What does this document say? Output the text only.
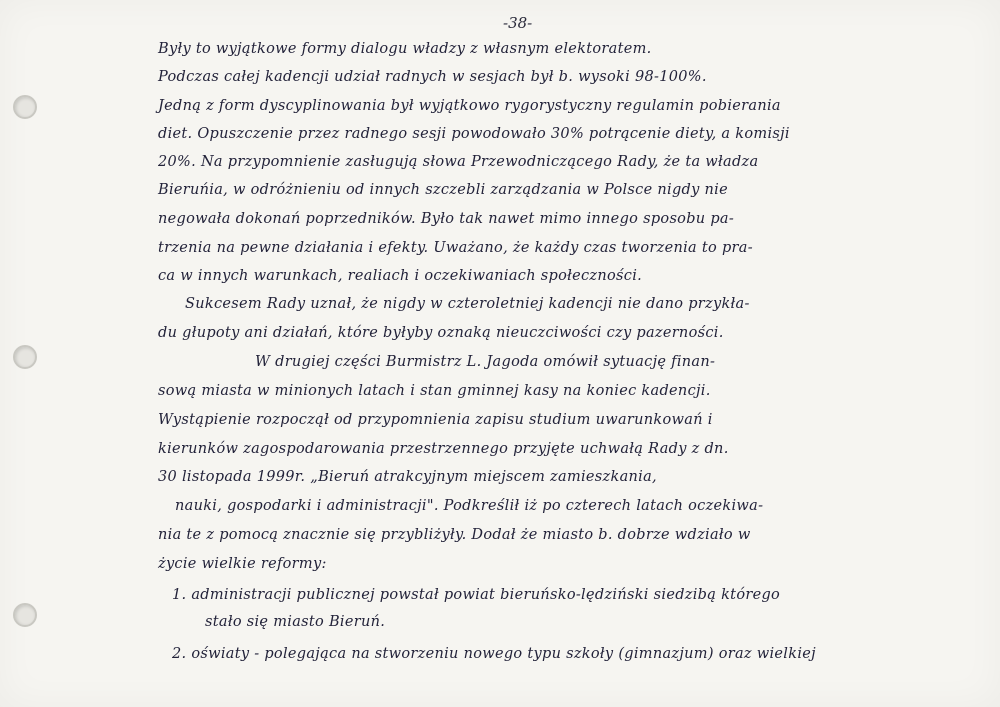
-38-
Były to wyjątkowe formy dialogu władzy z własnym elektoratem.
Podczas całej kadencji udział radnych w sesjach był b. wysoki 98-100%.
Jedną z form dyscyplinowania był wyjątkowo rygorystyczny regulamin pobierania
diet. Opuszczenie przez radnego sesji powodowało 30% potrącenie diety, a komisji
20%. Na przypomnienie zasługują słowa Przewodniczącego Rady, że ta władza
Bieruńia, w odróżnieniu od innych szczebli zarządzania w Polsce nigdy nie
negowała dokonań poprzedników. Było tak nawet mimo innego sposobu pa-
trzenia na pewne działania i efekty. Uważano, że każdy czas tworzenia to pra-
ca w innych warunkach, realiach i oczekiwaniach społeczności.
Sukcesem Rady uznał, że nigdy w czteroletniej kadencji nie dano przykła-
du głupoty ani działań, które byłyby oznaką nieuczciwości czy pazerności.
W drugiej części Burmistrz L. Jagoda omówił sytuację finan-
sową miasta w minionych latach i stan gminnej kasy na koniec kadencji.
Wystąpienie rozpoczął od przypomnienia zapisu studium uwarunkowań i
kierunków zagospodarowania przestrzennego przyjęte uchwałą Rady z dn.
30 listopada 1999r. „Bieruń atrakcyjnym miejscem zamieszkania,
nauki, gospodarki i administracji". Podkreślił iż po czterech latach oczekiwa-
nia te z pomocą znacznie się przybliżyły. Dodał że miasto b. dobrze wdziało w
życie wielkie reformy:
1. administracji publicznej powstał powiat bieruńsko-lędziński siedzibą którego
stało się miasto Bieruń.
2. oświaty - polegająca na stworzeniu nowego typu szkoły (gimnazjum) oraz wielkiej
